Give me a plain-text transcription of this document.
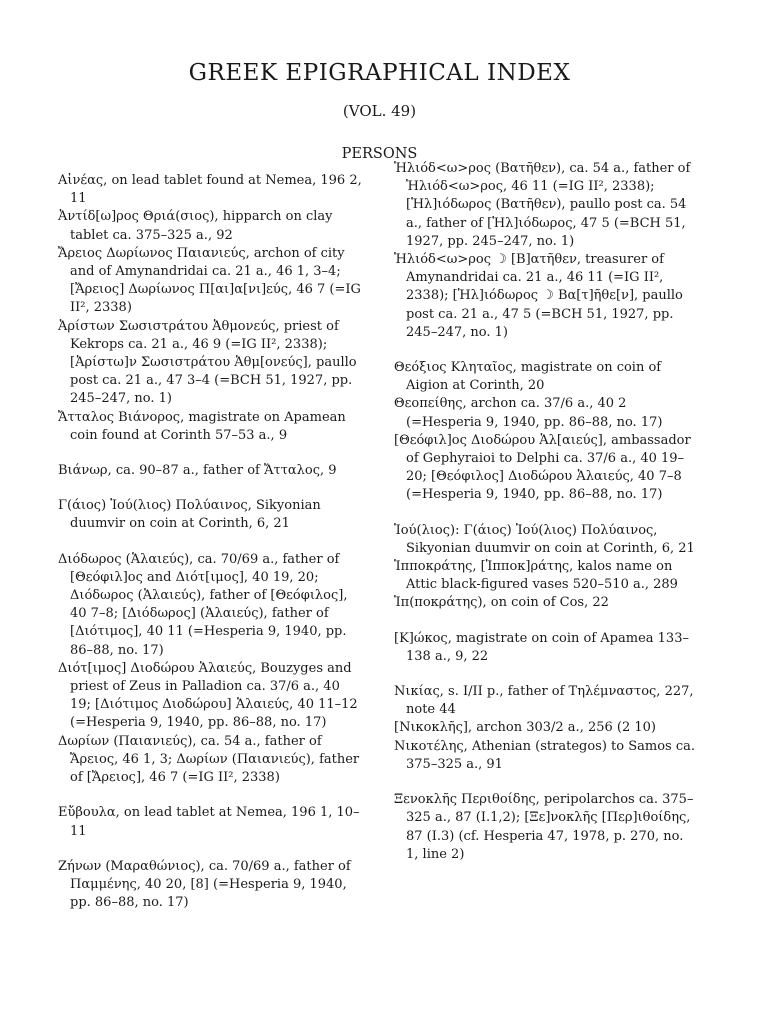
GREEK EPIGRAPHICAL INDEX
(VOL. 49)
PERSONS

Αἰνέας, on lead tablet found at Nemea, 196 2, 11

Ἀντίδ[ω]ρος Θριά(σιος), hipparch on clay tablet ca. 375–325 a., 92

Ἄρειος Δωρίωνος Παιανιεύς, archon of city and of Amynandridai ca. 21 a., 46 1, 3–4; [Ἄρειος] Δωρίωνος Π[αι]α[νι]εύς, 46 7 (=IG II², 2338)

Ἀρίστων Σωσιστράτου Ἀθμονεύς, priest of Kekrops ca. 21 a., 46 9 (=IG II², 2338); [Ἀρίστω]ν Σωσιστράτου Ἀθμ[ονεύς], paullo post ca. 21 a., 47 3–4 (=BCH 51, 1927, pp. 245–247, no. 1)

Ἄτταλος Βιάνορος, magistrate on Apamean coin found at Corinth 57–53 a., 9

Βιάνωρ, ca. 90–87 a., father of Ἄτταλος, 9

Γ(άιος) Ἰού(λιος) Πολύαινος, Sikyonian duumvir on coin at Corinth, 6, 21

Διόδωρος (Ἁλαιεύς), ca. 70/69 a., father of [Θεόφιλ]ος and Διότ[ιμος], 40 19, 20; Διόδωρος (Ἁλαιεύς), father of [Θεόφιλος], 40 7–8; [Διόδωρος] (Ἁλαιεύς), father of [Διότιμος], 40 11 (=Hesperia 9, 1940, pp. 86–88, no. 17)

Διότ[ιμος] Διοδώρου Ἁλαιεύς, Bouzyges and priest of Zeus in Palladion ca. 37/6 a., 40 19; [Διότιμος Διοδώρου] Ἁλαιεύς, 40 11–12 (=Hesperia 9, 1940, pp. 86–88, no. 17)

Δωρίων (Παιανιεύς), ca. 54 a., father of Ἄρειος, 46 1, 3; Δωρίων (Παιανιεύς), father of [Ἄρειος], 46 7 (=IG II², 2338)

Εὔβουλα, on lead tablet at Nemea, 196 1, 10–11

Ζήνων (Μαραθώνιος), ca. 70/69 a., father of Παμμένης, 40 20, [8] (=Hesperia 9, 1940, pp. 86–88, no. 17)

Ἡλιόδ<ω>ρος (Βατῆθεν), ca. 54 a., father of Ἡλιόδ<ω>ρος, 46 11 (=IG II², 2338); [Ἡλ]ιόδωρος (Βατῆθεν), paullo post ca. 54 a., father of [Ἡλ]ιόδωρος, 47 5 (=BCH 51, 1927, pp. 245–247, no. 1)

Ἡλιόδ<ω>ρος ☽ [Β]ατῆθεν, treasurer of Amynandridai ca. 21 a., 46 11 (=IG II², 2338); [Ἡλ]ιόδωρος ☽ Βα[τ]ῆθε[ν], paullo post ca. 21 a., 47 5 (=BCH 51, 1927, pp. 245–247, no. 1)

Θεόξιος Κληταῖος, magistrate on coin of Aigion at Corinth, 20

Θεοπείθης, archon ca. 37/6 a., 40 2 (=Hesperia 9, 1940, pp. 86–88, no. 17)

[Θεόφιλ]ος Διοδώρου Ἁλ[αιεύς], ambassador of Gephyraioi to Delphi ca. 37/6 a., 40 19–20; [Θεόφιλος] Διοδώρου Ἁλαιεύς, 40 7–8 (=Hesperia 9, 1940, pp. 86–88, no. 17)

Ἰού(λιος): Γ(άιος) Ἰού(λιος) Πολύαινος, Sikyonian duumvir on coin at Corinth, 6, 21

Ἱπποκράτης, [Ἱπποκ]ράτης, kalos name on Attic black-figured vases 520–510 a., 289

Ἱπ(ποκράτης), on coin of Cos, 22

[Κ]ώκος, magistrate on coin of Apamea 133–138 a., 9, 22

Νικίας, s. I/II p., father of Τηλέμναστος, 227, note 44

[Νικοκλῆς], archon 303/2 a., 256 (2 10)

Νικοτέλης, Athenian (strategos) to Samos ca. 375–325 a., 91

Ξενοκλῆς Περιθοίδης, peripolarchos ca. 375–325 a., 87 (I.1,2); [Ξε]νοκλῆς [Περ]ιθοίδης, 87 (I.3) (cf. Hesperia 47, 1978, p. 270, no. 1, line 2)
